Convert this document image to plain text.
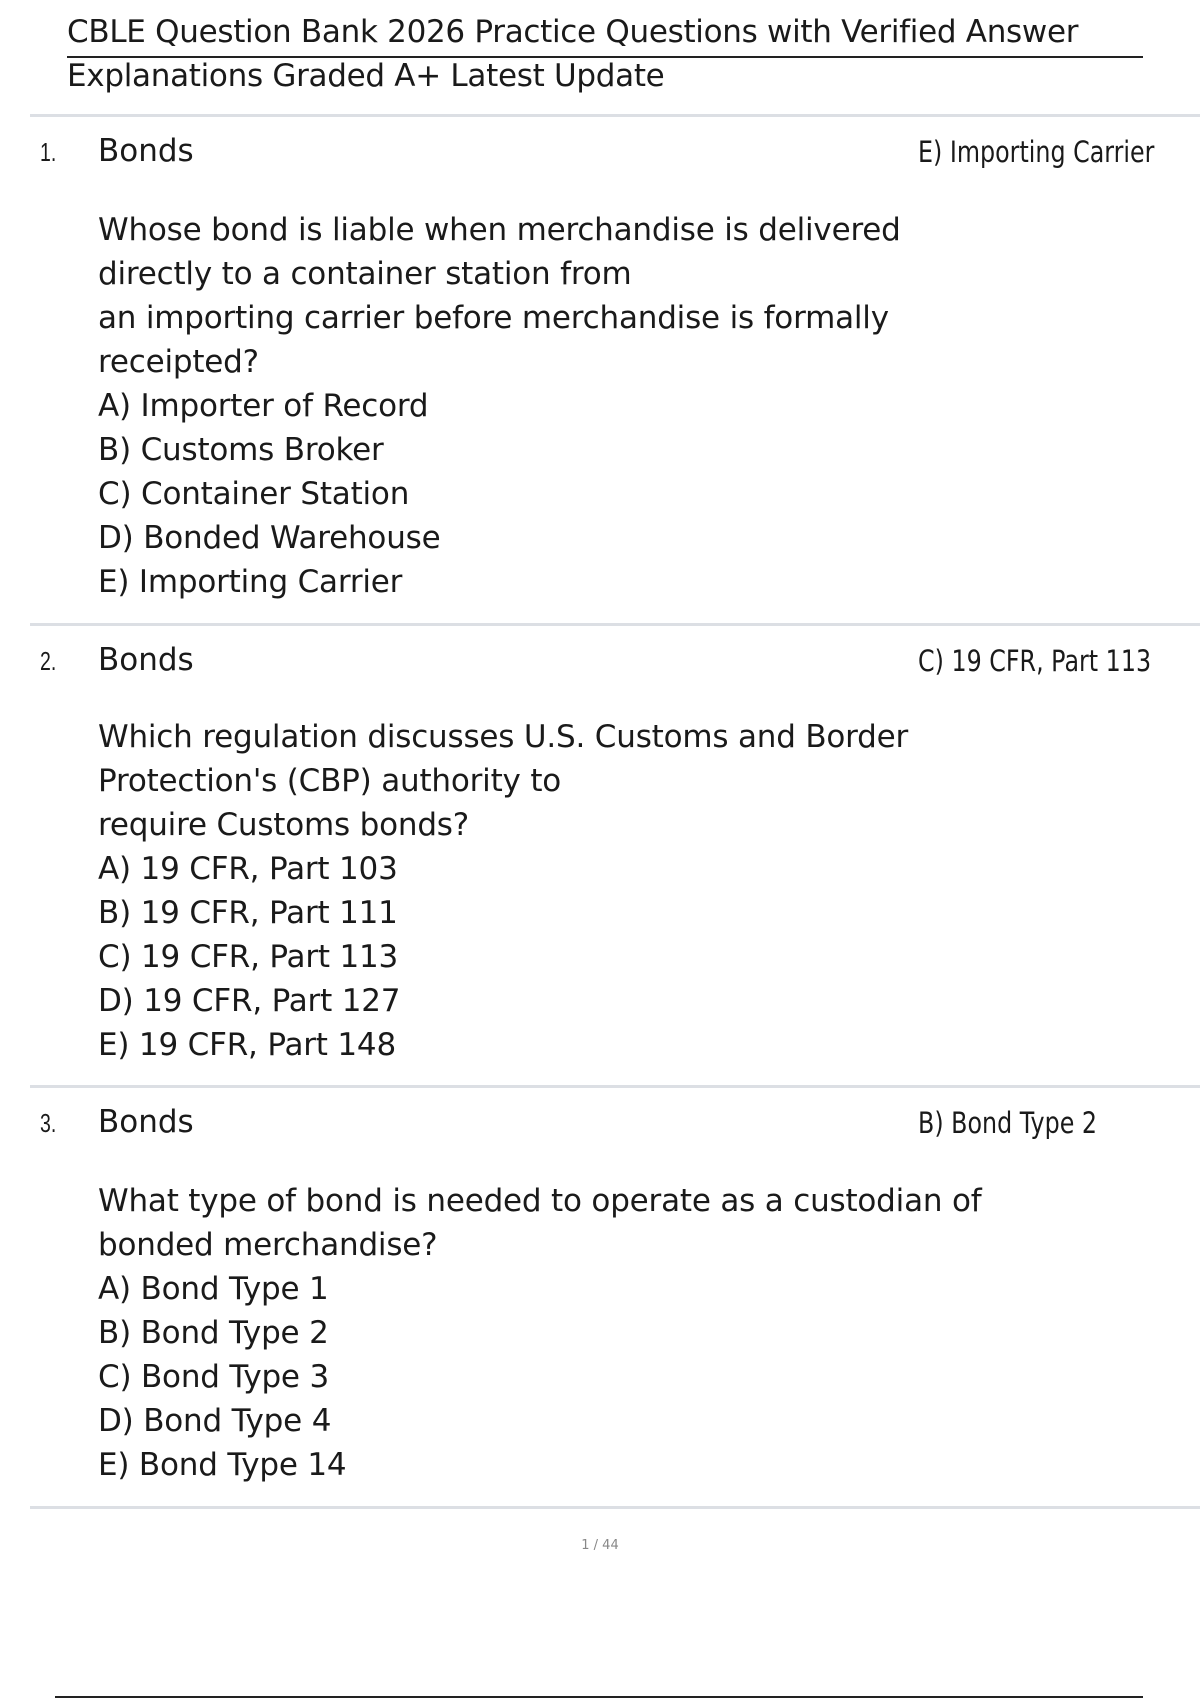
CBLE Question Bank 2026 Practice Questions with Verified Answer
Explanations Graded A+ Latest Update
1. Bonds	E) Importing Carrier
Whose bond is liable when merchandise is delivered
directly to a container station from
an importing carrier before merchandise is formally
receipted?
A) Importer of Record
B) Customs Broker
C) Container Station
D) Bonded Warehouse
E) Importing Carrier
2. Bonds	C) 19 CFR, Part 113
Which regulation discusses U.S. Customs and Border
Protection's (CBP) authority to
require Customs bonds?
A) 19 CFR, Part 103
B) 19 CFR, Part 111
C) 19 CFR, Part 113
D) 19 CFR, Part 127
E) 19 CFR, Part 148
3. Bonds	B) Bond Type 2
What type of bond is needed to operate as a custodian of
bonded merchandise?
A) Bond Type 1
B) Bond Type 2
C) Bond Type 3
D) Bond Type 4
E) Bond Type 14
1 / 44
